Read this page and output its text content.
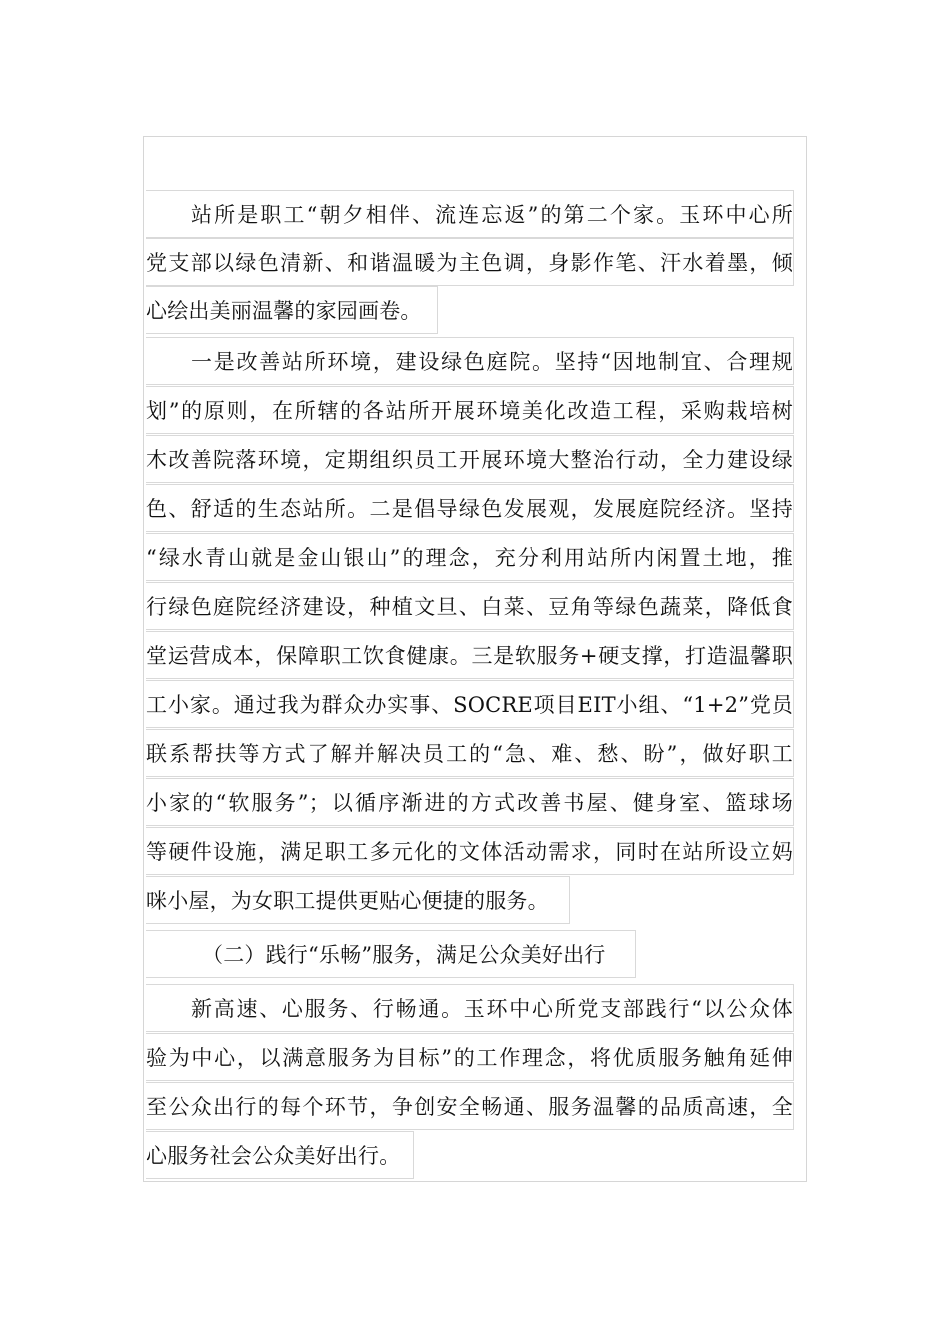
站所是职工“朝夕相伴、流连忘返”的第二个家。玉环中心所
党支部以绿色清新、和谐温暖为主色调，身影作笔、汗水着墨，倾
心绘出美丽温馨的家园画卷。
一是改善站所环境，建设绿色庭院。坚持“因地制宜、合理规
划”的原则，在所辖的各站所开展环境美化改造工程，采购栽培树
木改善院落环境，定期组织员工开展环境大整治行动，全力建设绿
色、舒适的生态站所。二是倡导绿色发展观，发展庭院经济。坚持
“绿水青山就是金山银山”的理念，充分利用站所内闲置土地，推
行绿色庭院经济建设，种植文旦、白菜、豆角等绿色蔬菜，降低食
堂运营成本，保障职工饮食健康。三是软服务+硬支撑，打造温馨职
工小家。通过我为群众办实事、SOCRE项目EIT小组、“1+2”党员
联系帮扶等方式了解并解决员工的“急、难、愁、盼”，做好职工
小家的“软服务”；以循序渐进的方式改善书屋、健身室、篮球场
等硬件设施，满足职工多元化的文体活动需求，同时在站所设立妈
咪小屋，为女职工提供更贴心便捷的服务。
（二）践行“乐畅”服务，满足公众美好出行
新高速、心服务、行畅通。玉环中心所党支部践行“以公众体
验为中心，以满意服务为目标”的工作理念，将优质服务触角延伸
至公众出行的每个环节，争创安全畅通、服务温馨的品质高速，全
心服务社会公众美好出行。
